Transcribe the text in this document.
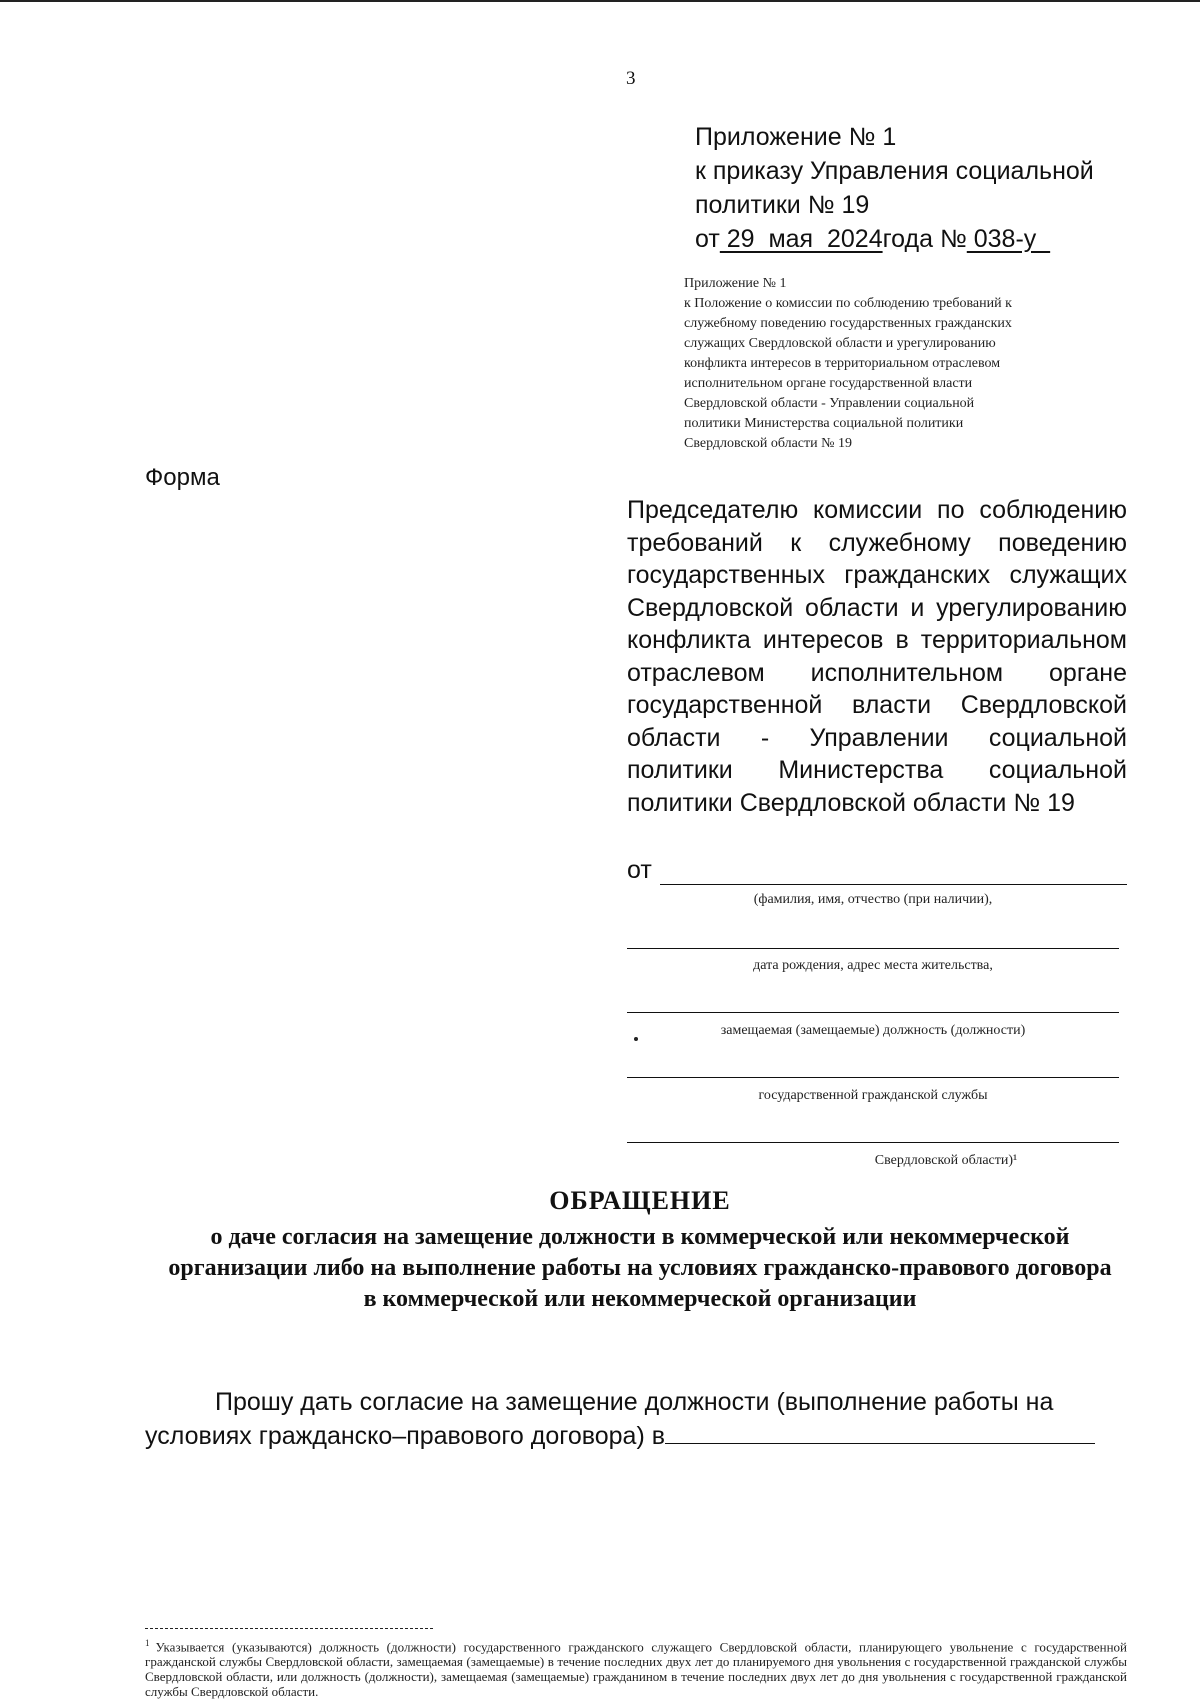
3
Приложение № 1
к приказу Управления социальной
политики № 19
от 29  мая  2024года № 038-у
Приложение № 1
к Положение о комиссии по соблюдению требований к
служебному поведению государственных гражданских
служащих Свердловской области и урегулированию
конфликта интересов в территориальном отраслевом
исполнительном органе государственной власти
Свердловской области - Управлении социальной
политики Министерства социальной политики
Свердловской области № 19
Форма
Председателю комиссии по соблюдению требований к служебному поведению государственных гражданских служащих Свердловской области и урегулированию конфликта интересов в территориальном отраслевом исполнительном органе государственной власти Свердловской области - Управлении социальной политики Министерства социальной политики Свердловской области № 19
от
(фамилия, имя, отчество (при наличии),
дата рождения, адрес места жительства,
замещаемая (замещаемые) должность (должности)
государственной гражданской службы
Свердловской области)¹
ОБРАЩЕНИЕ
о даче согласия на замещение должности в коммерческой или некоммерческой организации либо на выполнение работы на условиях гражданско-правового договора в коммерческой или некоммерческой организации
Прошу дать согласие на замещение должности (выполнение работы на
условиях гражданско–правового договора) в
$^1$ Указывается (указываются) должность (должности) государственного гражданского служащего Свердловской области, планирующего увольнение с государственной гражданской службы Свердловской области, замещаемая (замещаемые) в течение последних двух лет до планируемого дня увольнения с государственной гражданской службы Свердловской области, или должность (должности), замещаемая (замещаемые) гражданином в течение последних двух лет до дня увольнения с государственной гражданской службы Свердловской области.
